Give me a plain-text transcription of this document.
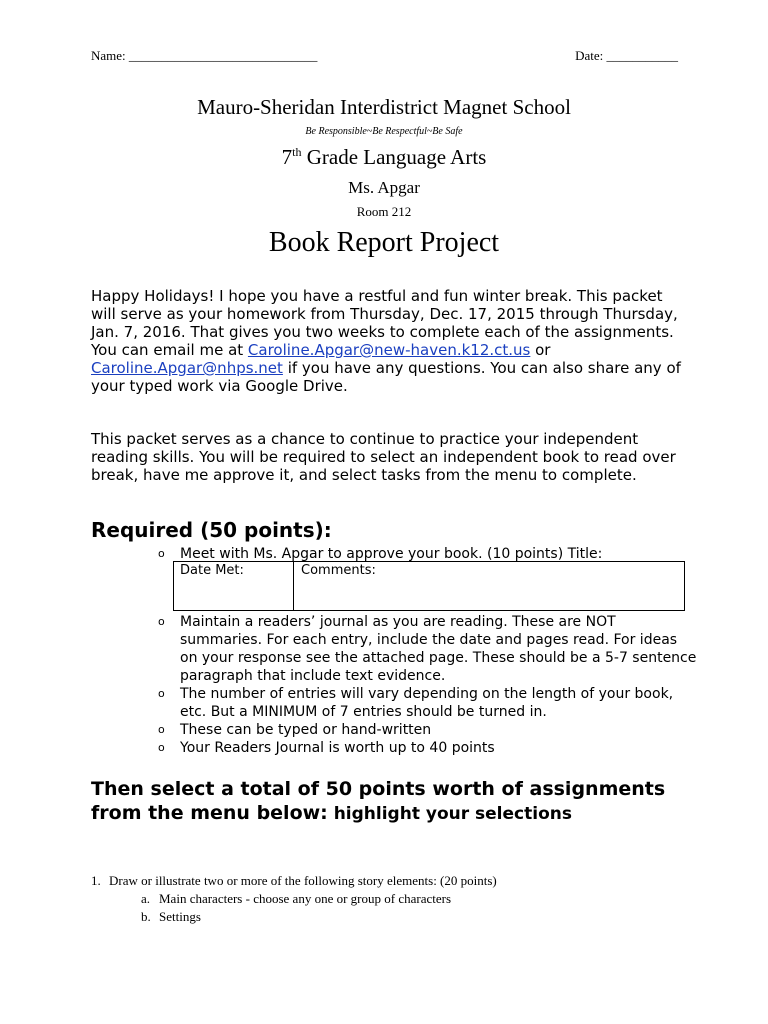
Name: _____________________________	Date: ___________
Mauro-Sheridan Interdistrict Magnet School
Be Responsible~Be Respectful~Be Safe
7th Grade Language Arts
Ms. Apgar
Room 212
Book Report Project
Happy Holidays! I hope you have a restful and fun winter break. This packet will serve as your homework from Thursday, Dec. 17, 2015 through Thursday, Jan. 7, 2016. That gives you two weeks to complete each of the assignments. You can email me at Caroline.Apgar@new-haven.k12.ct.us or Caroline.Apgar@nhps.net if you have any questions. You can also share any of your typed work via Google Drive.
This packet serves as a chance to continue to practice your independent reading skills. You will be required to select an independent book to read over break, have me approve it, and select tasks from the menu to complete.
Required (50 points):
o Meet with Ms. Apgar to approve your book. (10 points) Title:
Date Met:	Comments:
o Maintain a readers’ journal as you are reading. These are NOT summaries. For each entry, include the date and pages read. For ideas on your response see the attached page. These should be a 5-7 sentence paragraph that include text evidence.
o The number of entries will vary depending on the length of your book, etc. But a MINIMUM of 7 entries should be turned in.
o These can be typed or hand-written
o Your Readers Journal is worth up to 40 points
Then select a total of 50 points worth of assignments from the menu below: highlight your selections
1. Draw or illustrate two or more of the following story elements: (20 points)
a. Main characters - choose any one or group of characters
b. Settings
